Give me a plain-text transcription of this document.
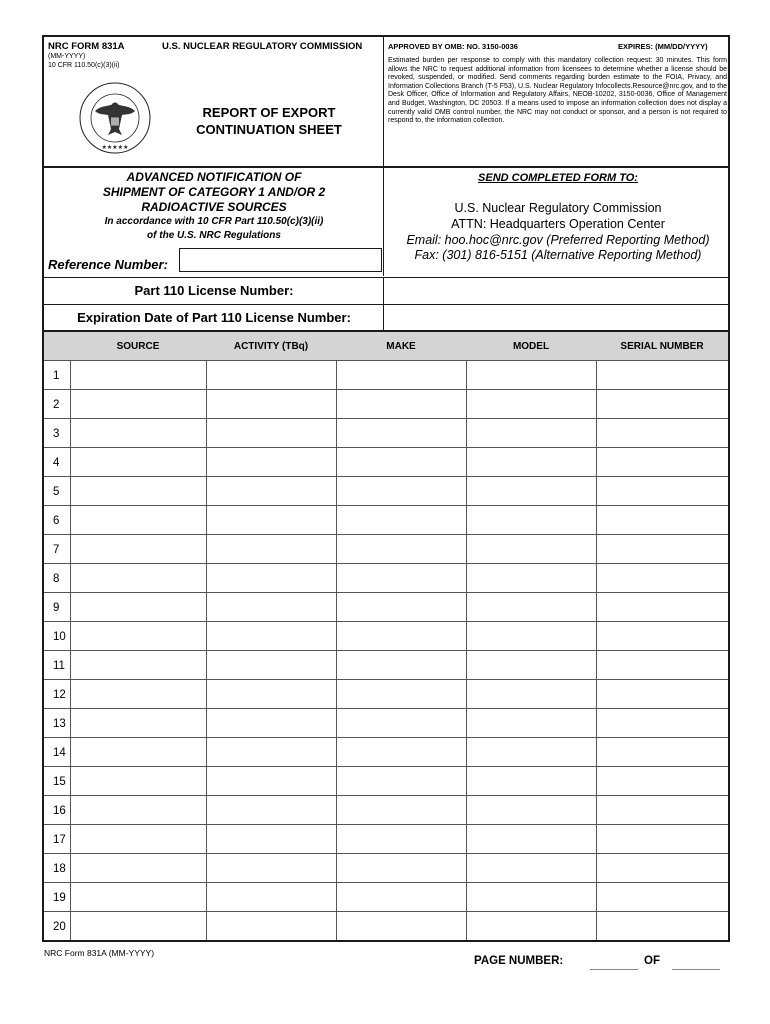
NRC FORM 831A
(MM-YYYY)
10 CFR 110.50(c)(3)(ii)
U.S. NUCLEAR REGULATORY COMMISSION
★★★★★
REPORT OF EXPORT
CONTINUATION SHEET
APPROVED BY OMB: NO. 3150-0036	EXPIRES: (MM/DD/YYYY)
Estimated burden per response to comply with this mandatory collection request: 30 minutes. This form allows the NRC to request additional information from licensees to determine whether a license should be revoked, suspended, or modified. Send comments regarding burden estimate to the FOIA, Privacy, and Information Collections Branch (T-5 F53), U.S. Nuclear Regulatory Infocollects.Resource@nrc.gov, and to the Desk Officer, Office of Information and Regulatory Affairs, NEOB-10202, 3150-0036, Office of Management and Budget, Washington, DC 20503. If a means used to impose an information collection does not display a currently valid OMB control number, the NRC may not conduct or sponsor, and a person is not required to respond to, the information collection.
ADVANCED NOTIFICATION OF
SHIPMENT OF CATEGORY 1 AND/OR 2
RADIOACTIVE SOURCES
In accordance with 10 CFR Part 110.50(c)(3)(ii)
of the U.S. NRC Regulations
Reference Number:
SEND COMPLETED FORM TO:
U.S. Nuclear Regulatory Commission
ATTN: Headquarters Operation Center
Email: hoo.hoc@nrc.gov (Preferred Reporting Method)
Fax: (301) 816-5151 (Alternative Reporting Method)
Part 110 License Number:
Expiration Date of Part 110 License Number:
SOURCE	ACTIVITY (TBq)	MAKE	MODEL	SERIAL NUMBER
1
2
3
4
5
6
7
8
9
10
11
12
13
14
15
16
17
18
19
20
NRC Form 831A (MM-YYYY)
PAGE NUMBER:	OF
